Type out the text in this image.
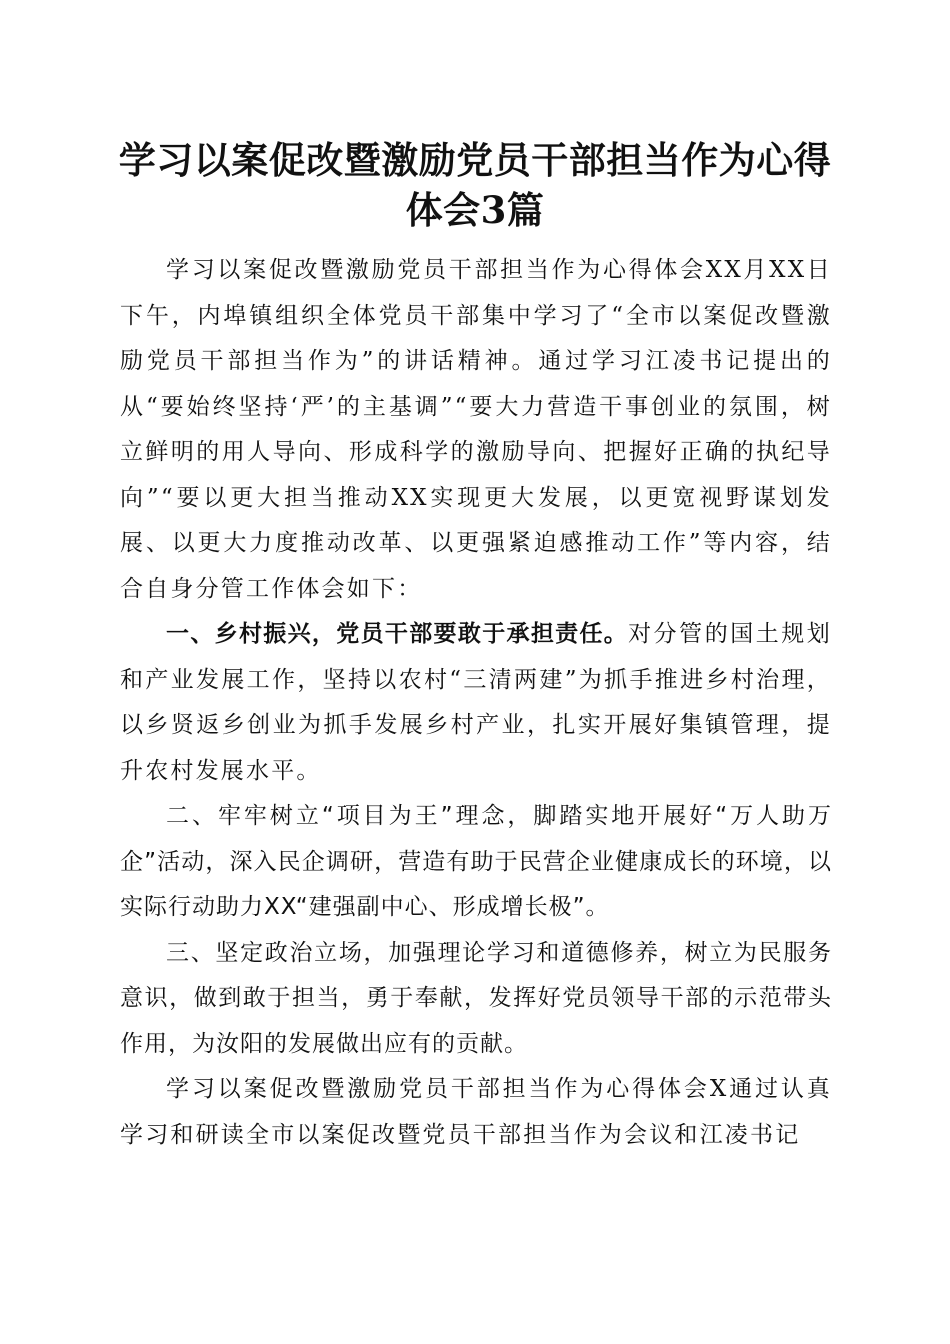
学习以案促改暨激励党员干部担当作为心得体会3篇

学习以案促改暨激励党员干部担当作为心得体会XX月XX日下午，内埠镇组织全体党员干部集中学习了“全市以案促改暨激励党员干部担当作为”的讲话精神。通过学习江凌书记提出的从“要始终坚持‘严’的主基调”“要大力营造干事创业的氛围，树立鲜明的用人导向、形成科学的激励导向、把握好正确的执纪导向”“要以更大担当推动XX实现更大发展，以更宽视野谋划发展、以更大力度推动改革、以更强紧迫感推动工作”等内容，结合自身分管工作体会如下：

一、乡村振兴，党员干部要敢于承担责任。对分管的国土规划和产业发展工作，坚持以农村“三清两建”为抓手推进乡村治理，以乡贤返乡创业为抓手发展乡村产业，扎实开展好集镇管理，提升农村发展水平。

二、牢牢树立“项目为王”理念，脚踏实地开展好“万人助万企”活动，深入民企调研，营造有助于民营企业健康成长的环境，以实际行动助力XX“建强副中心、形成增长极”。

三、坚定政治立场，加强理论学习和道德修养，树立为民服务意识，做到敢于担当，勇于奉献，发挥好党员领导干部的示范带头作用，为汝阳的发展做出应有的贡献。

学习以案促改暨激励党员干部担当作为心得体会X通过认真学习和研读全市以案促改暨党员干部担当作为会议和江凌书记
